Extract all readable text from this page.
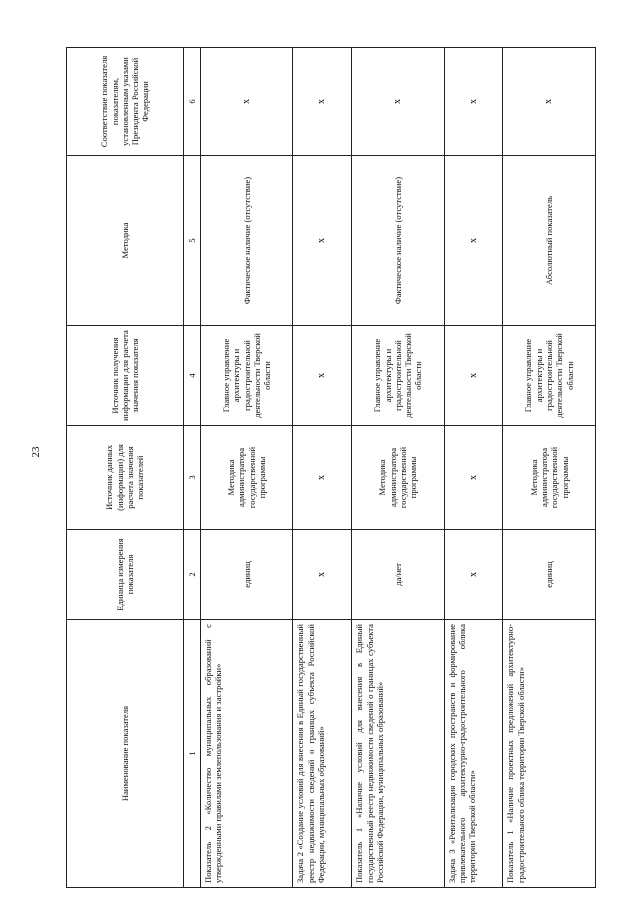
23
Наименование показателя	Единица измерения показателя	Источник данных (информации) для расчета значения показателей	Источник получения информации для расчета значения показателя	Методика	Соответствие показателя показателям, установленным указами Президента Российской Федерации
1	2	3	4	5	6
Показатель 2 «Количество муниципальных образований с утвержденными правилами землепользования и застройки»	единиц	Методика администратора государственной программы	Главное управление архитектуры и градостроительной деятельности Тверской области	Фактическое наличие (отсутствие)	x
Задача 2 «Создание условий для внесения в Единый государственный реестр недвижимости сведений о границах субъекта Российской Федерации, муниципальных образований»	x	x	x	x	x
Показатель 1 «Наличие условий для внесения в Единый государственный реестр недвижимости сведений о границах субъекта Российской Федерации, муниципальных образований»	да/нет	Методика администратора государственной программы	Главное управление архитектуры и градостроительной деятельности Тверской области	Фактическое наличие (отсутствие)	x
Задача 3 «Ревитализация городских пространств и формирование привлекательного архитектурно-градостроительного облика территории Тверской области»	x	x	x	x	x
Показатель 1 «Наличие проектных предложений архитектурно-градостроительного облика территории Тверской области»	единиц	Методика администратора государственной программы	Главное управление архитектуры и градостроительной деятельности Тверской области	Абсолютный показатель	x
